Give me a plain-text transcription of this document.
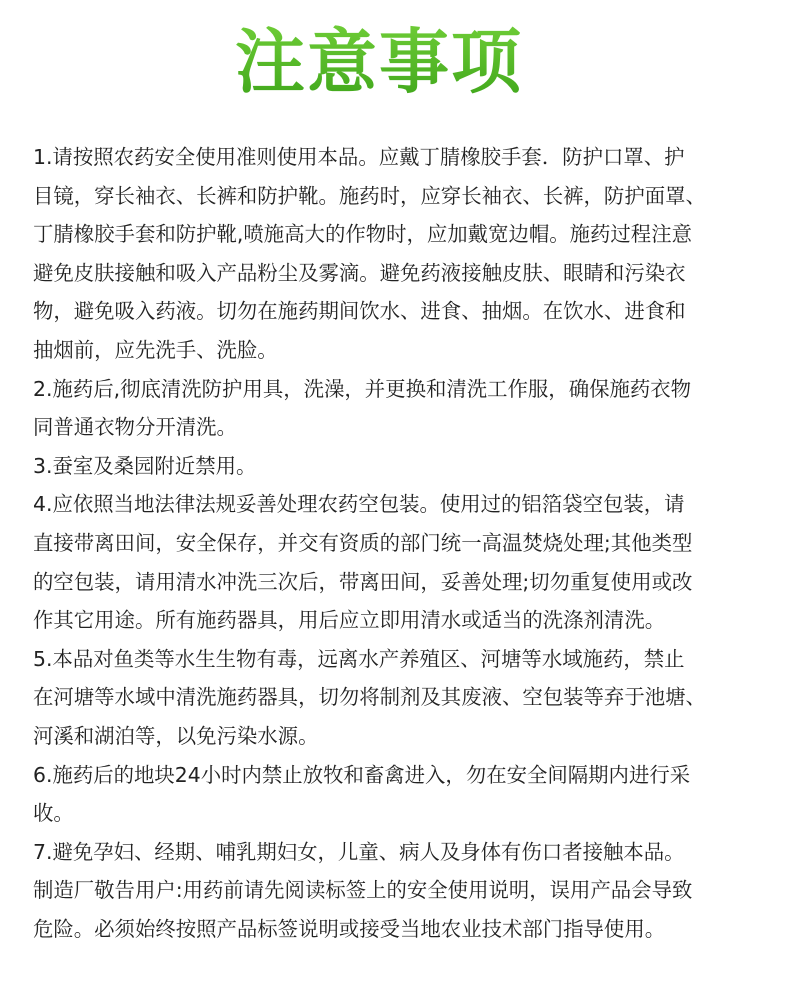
注意事项

1.请按照农药安全使用准则使用本品。应戴丁腈橡胶手套．防护口罩、护
目镜，穿长袖衣、长裤和防护靴。施药时，应穿长袖衣、长裤，防护面罩、
丁腈橡胶手套和防护靴,喷施高大的作物时，应加戴宽边帽。施药过程注意
避免皮肤接触和吸入产品粉尘及雾滴。避免药液接触皮肤、眼睛和污染衣
物，避免吸入药液。切勿在施药期间饮水、进食、抽烟。在饮水、进食和
抽烟前，应先洗手、洗脸。

2.施药后,彻底清洗防护用具，洗澡，并更换和清洗工作服，确保施药衣物
同普通衣物分开清洗。

3.蚕室及桑园附近禁用。

4.应依照当地法律法规妥善处理农药空包装。使用过的铝箔袋空包装，请
直接带离田间，安全保存，并交有资质的部门统一高温焚烧处理;其他类型
的空包装，请用清水冲洗三次后，带离田间，妥善处理;切勿重复使用或改
作其它用途。所有施药器具，用后应立即用清水或适当的洗涤剂清洗。

5.本品对鱼类等水生生物有毒，远离水产养殖区、河塘等水域施药，禁止
在河塘等水域中清洗施药器具，切勿将制剂及其废液、空包装等弃于池塘、
河溪和湖泊等，以免污染水源。

6.施药后的地块24小时内禁止放牧和畜禽进入，勿在安全间隔期内进行采
收。

7.避免孕妇、经期、哺乳期妇女，儿童、病人及身体有伤口者接触本品。

制造厂敬告用户:用药前请先阅读标签上的安全使用说明，误用产品会导致
危险。必须始终按照产品标签说明或接受当地农业技术部门指导使用。
